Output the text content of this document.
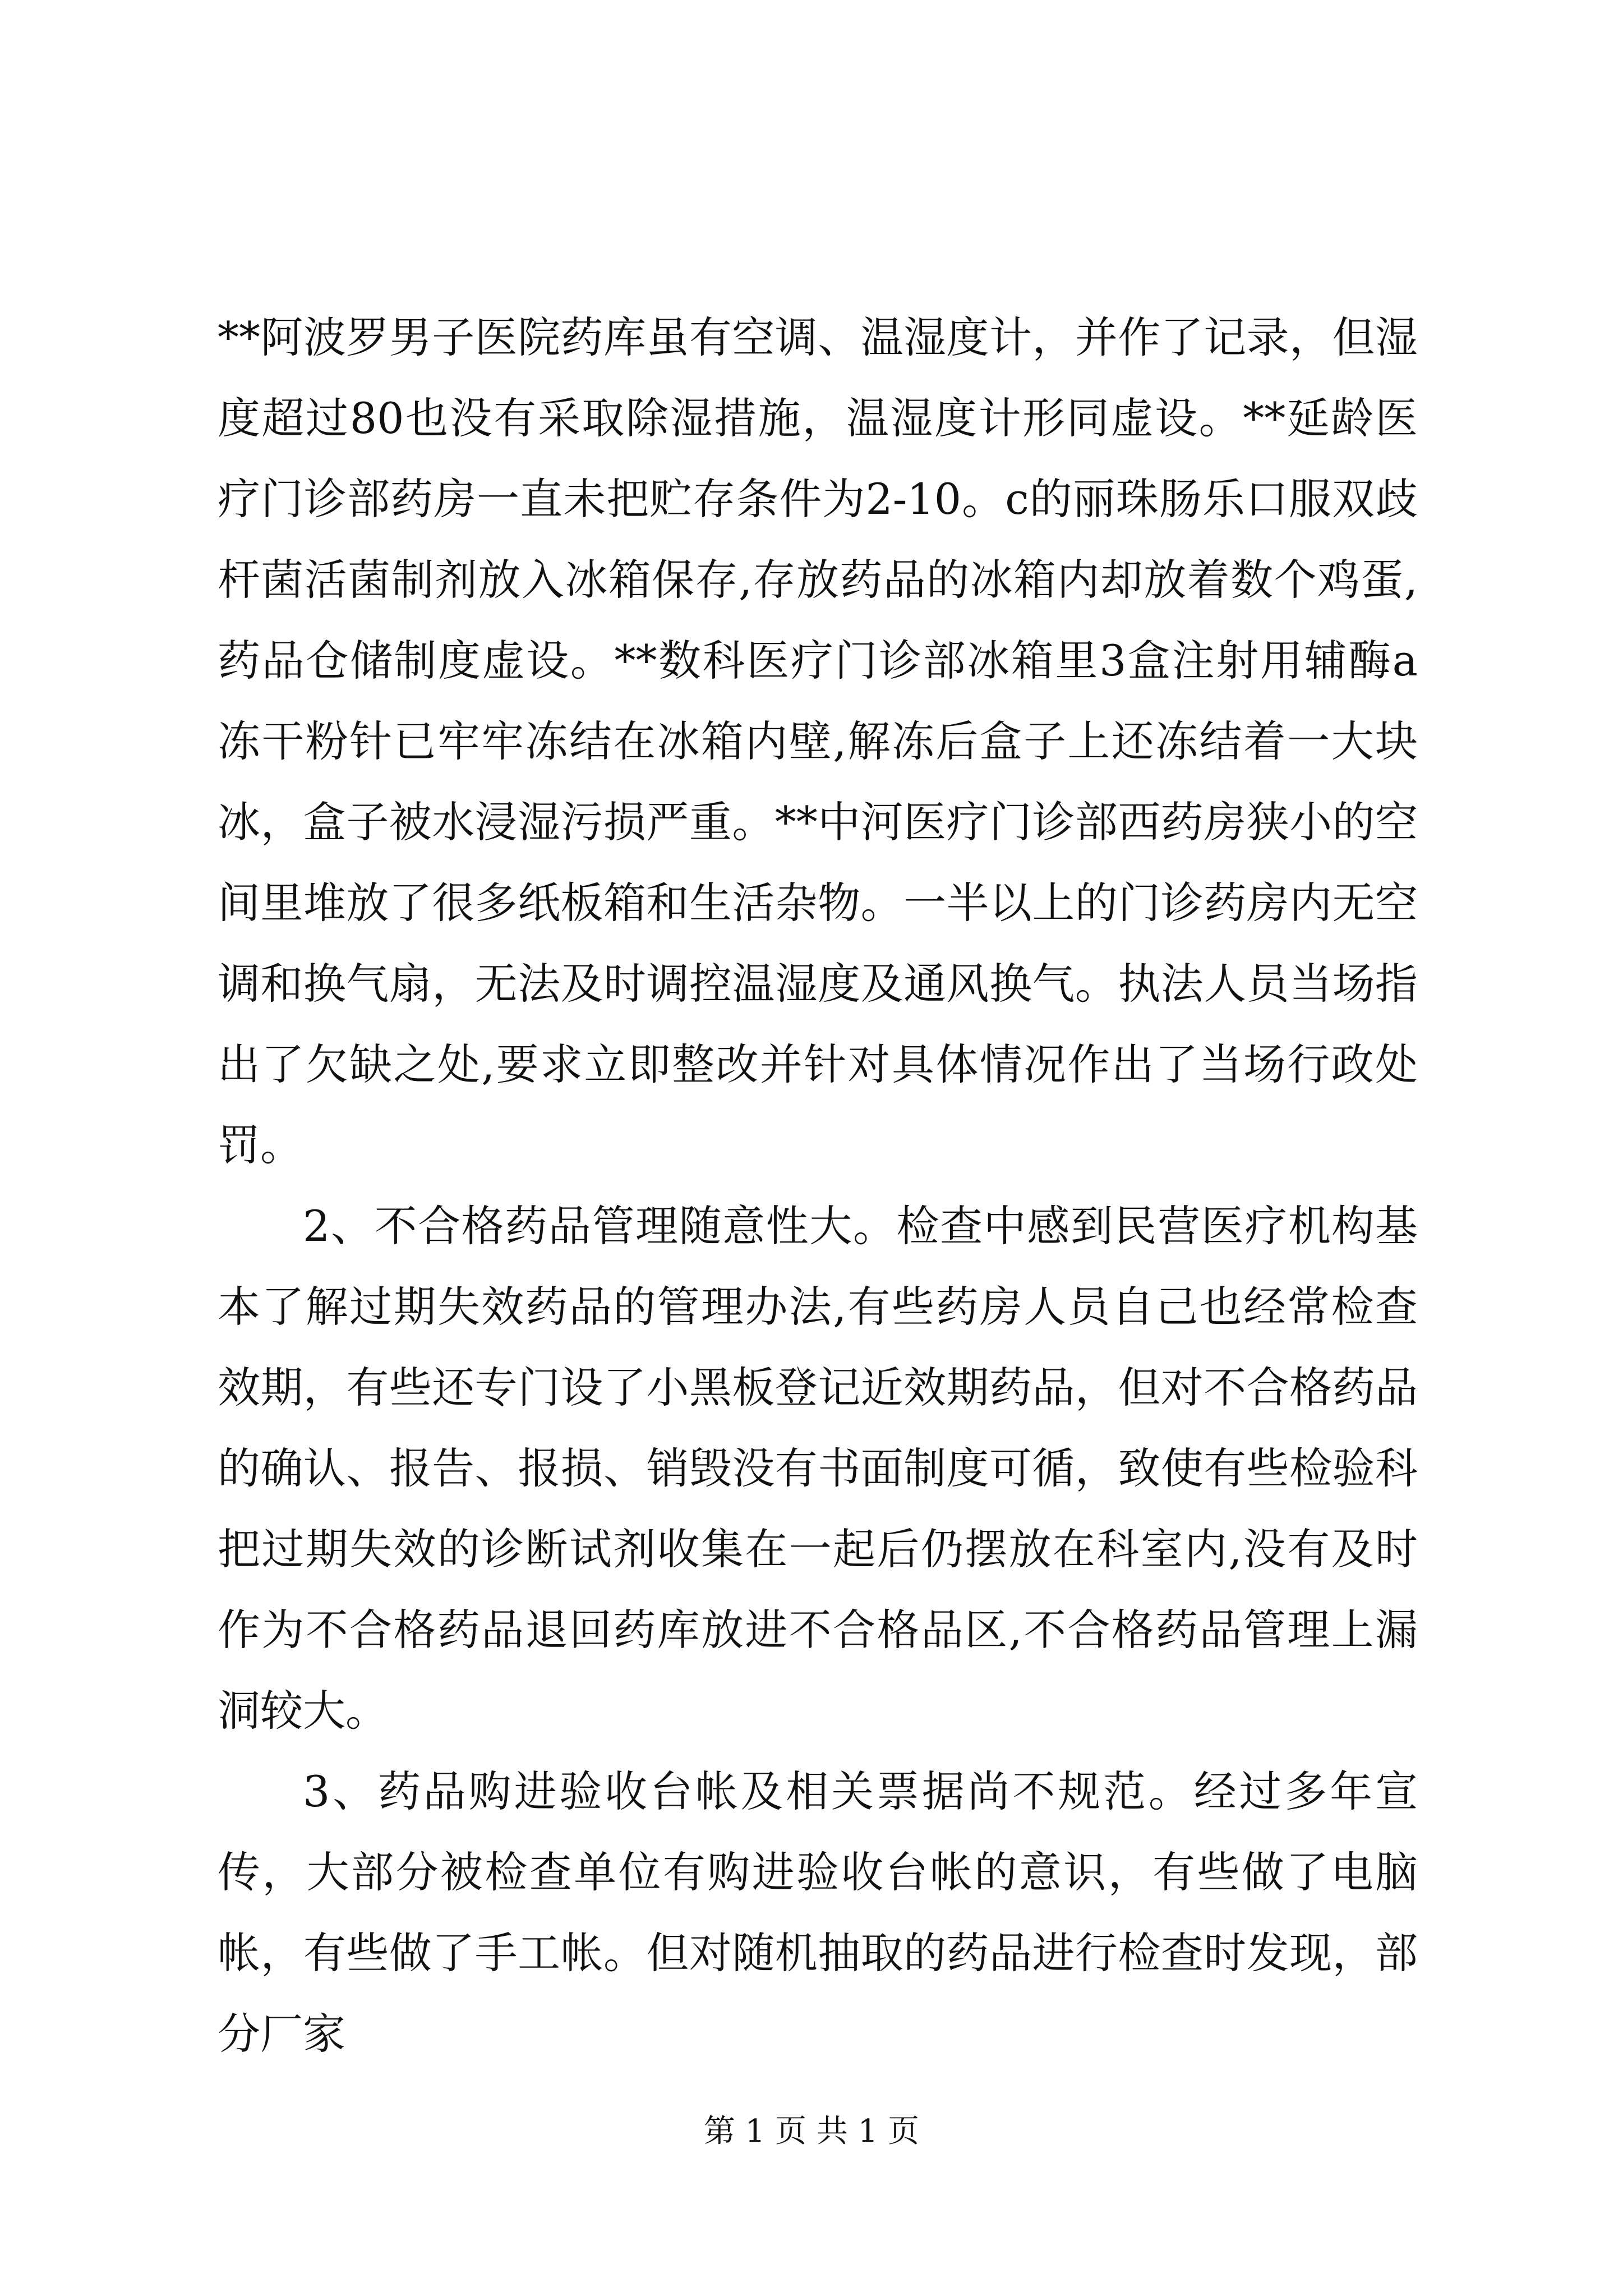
**阿波罗男子医院药库虽有空调、温湿度计，并作了记录，但湿度超过80也没有采取除湿措施，温湿度计形同虚设。**延龄医疗门诊部药房一直未把贮存条件为2-10。c的丽珠肠乐口服双歧杆菌活菌制剂放入冰箱保存,存放药品的冰箱内却放着数个鸡蛋,药品仓储制度虚设。**数科医疗门诊部冰箱里3盒注射用辅酶a冻干粉针已牢牢冻结在冰箱内壁,解冻后盒子上还冻结着一大块冰，盒子被水浸湿污损严重。**中河医疗门诊部西药房狭小的空间里堆放了很多纸板箱和生活杂物。一半以上的门诊药房内无空调和换气扇，无法及时调控温湿度及通风换气。执法人员当场指出了欠缺之处,要求立即整改并针对具体情况作出了当场行政处罚。

2、不合格药品管理随意性大。检查中感到民营医疗机构基本了解过期失效药品的管理办法,有些药房人员自己也经常检查效期，有些还专门设了小黑板登记近效期药品，但对不合格药品的确认、报告、报损、销毁没有书面制度可循，致使有些检验科把过期失效的诊断试剂收集在一起后仍摆放在科室内,没有及时作为不合格药品退回药库放进不合格品区,不合格药品管理上漏洞较大。

3、药品购进验收台帐及相关票据尚不规范。经过多年宣传，大部分被检查单位有购进验收台帐的意识，有些做了电脑帐，有些做了手工帐。但对随机抽取的药品进行检查时发现，部分厂家

第 1 页 共 1 页
